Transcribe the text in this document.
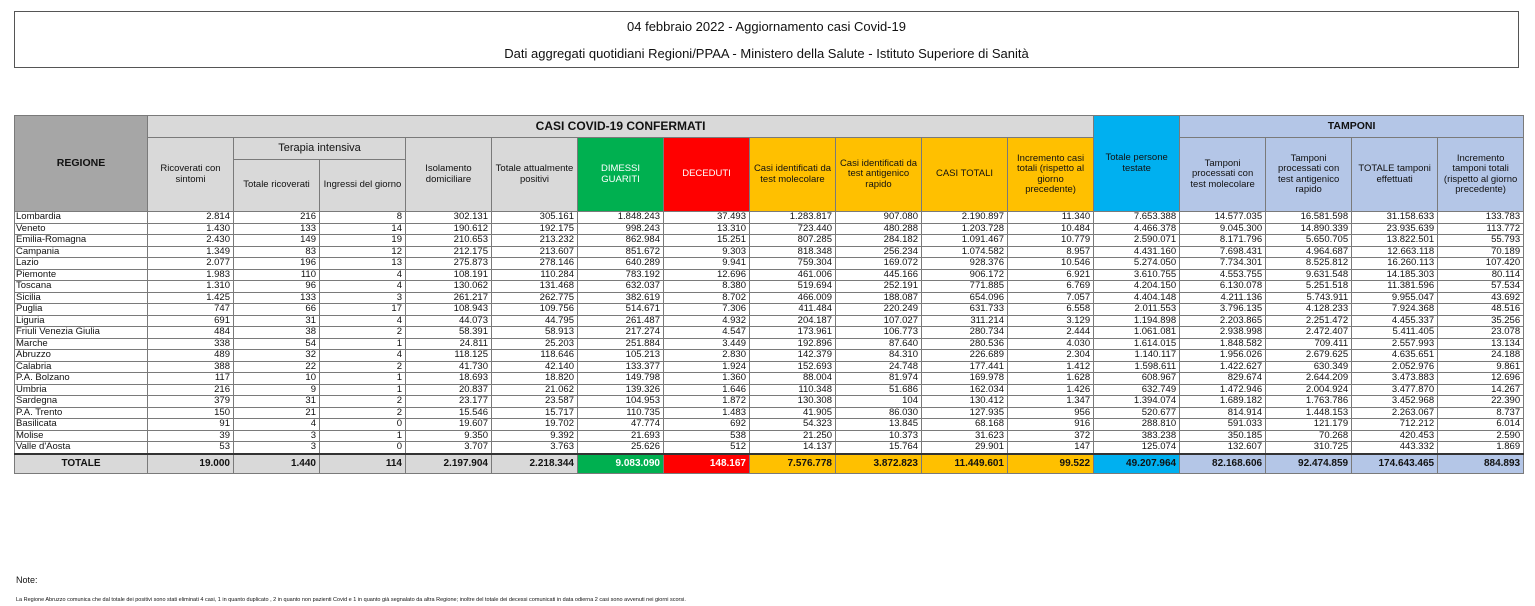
04 febbraio 2022 - Aggiornamento casi Covid-19
Dati aggregati quotidiani Regioni/PPAA - Ministero della Salute - Istituto Superiore di Sanità
REGIONE	CASI COVID-19 CONFERMATI											Totale persone testate	TAMPONI			
	Ricoverati con sintomi	Terapia intensiva		Isolamento domiciliare	Totale attualmente positivi	DIMESSI GUARITI	DECEDUTI	Casi identificati da test molecolare	Casi identificati da test antigenico rapido	CASI TOTALI	Incremento casi totali (rispetto al giorno precedente)		Tamponi processati con test molecolare	Tamponi processati con test antigenico rapido	TOTALE tamponi effettuati	Incremento tamponi totali (rispetto al giorno precedente)
		Totale ricoverati	Ingressi del giorno													
Lombardia	2.814	216	8	302.131	305.161	1.848.243	37.493	1.283.817	907.080	2.190.897	11.340	7.653.388	14.577.035	16.581.598	31.158.633	133.783
Veneto	1.430	133	14	190.612	192.175	998.243	13.310	723.440	480.288	1.203.728	10.484	4.466.378	9.045.300	14.890.339	23.935.639	113.772
Emilia-Romagna	2.430	149	19	210.653	213.232	862.984	15.251	807.285	284.182	1.091.467	10.779	2.590.071	8.171.796	5.650.705	13.822.501	55.793
Campania	1.349	83	12	212.175	213.607	851.672	9.303	818.348	256.234	1.074.582	8.957	4.431.160	7.698.431	4.964.687	12.663.118	70.189
Lazio	2.077	196	13	275.873	278.146	640.289	9.941	759.304	169.072	928.376	10.546	5.274.050	7.734.301	8.525.812	16.260.113	107.420
Piemonte	1.983	110	4	108.191	110.284	783.192	12.696	461.006	445.166	906.172	6.921	3.610.755	4.553.755	9.631.548	14.185.303	80.114
Toscana	1.310	96	4	130.062	131.468	632.037	8.380	519.694	252.191	771.885	6.769	4.204.150	6.130.078	5.251.518	11.381.596	57.534
Sicilia	1.425	133	3	261.217	262.775	382.619	8.702	466.009	188.087	654.096	7.057	4.404.148	4.211.136	5.743.911	9.955.047	43.692
Puglia	747	66	17	108.943	109.756	514.671	7.306	411.484	220.249	631.733	6.558	2.011.553	3.796.135	4.128.233	7.924.368	48.516
Liguria	691	31	4	44.073	44.795	261.487	4.932	204.187	107.027	311.214	3.129	1.194.898	2.203.865	2.251.472	4.455.337	35.256
Friuli Venezia Giulia	484	38	2	58.391	58.913	217.274	4.547	173.961	106.773	280.734	2.444	1.061.081	2.938.998	2.472.407	5.411.405	23.078
Marche	338	54	1	24.811	25.203	251.884	3.449	192.896	87.640	280.536	4.030	1.614.015	1.848.582	709.411	2.557.993	13.134
Abruzzo	489	32	4	118.125	118.646	105.213	2.830	142.379	84.310	226.689	2.304	1.140.117	1.956.026	2.679.625	4.635.651	24.188
Calabria	388	22	2	41.730	42.140	133.377	1.924	152.693	24.748	177.441	1.412	1.598.611	1.422.627	630.349	2.052.976	9.861
P.A. Bolzano	117	10	1	18.693	18.820	149.798	1.360	88.004	81.974	169.978	1.628	608.967	829.674	2.644.209	3.473.883	12.696
Umbria	216	9	1	20.837	21.062	139.326	1.646	110.348	51.686	162.034	1.426	632.749	1.472.946	2.004.924	3.477.870	14.267
Sardegna	379	31	2	23.177	23.587	104.953	1.872	130.308	104	130.412	1.347	1.394.074	1.689.182	1.763.786	3.452.968	22.390
P.A. Trento	150	21	2	15.546	15.717	110.735	1.483	41.905	86.030	127.935	956	520.677	814.914	1.448.153	2.263.067	8.737
Basilicata	91	4	0	19.607	19.702	47.774	692	54.323	13.845	68.168	916	288.810	591.033	121.179	712.212	6.014
Molise	39	3	1	9.350	9.392	21.693	538	21.250	10.373	31.623	372	383.238	350.185	70.268	420.453	2.590
Valle d'Aosta	53	3	0	3.707	3.763	25.626	512	14.137	15.764	29.901	147	125.074	132.607	310.725	443.332	1.869
TOTALE	19.000	1.440	114	2.197.904	2.218.344	9.083.090	148.167	7.576.778	3.872.823	11.449.601	99.522	49.207.964	82.168.606	92.474.859	174.643.465	884.893
Note:
La Regione Abruzzo comunica che dal totale dei positivi sono stati eliminati 4 casi, 1 in quanto duplicato , 2 in quanto non pazienti Covid e 1 in quanto già segnalato da altra Regione; inoltre del totale dei decessi comunicati in data odierna 2 casi sono avvenuti nei giorni scorsi.
